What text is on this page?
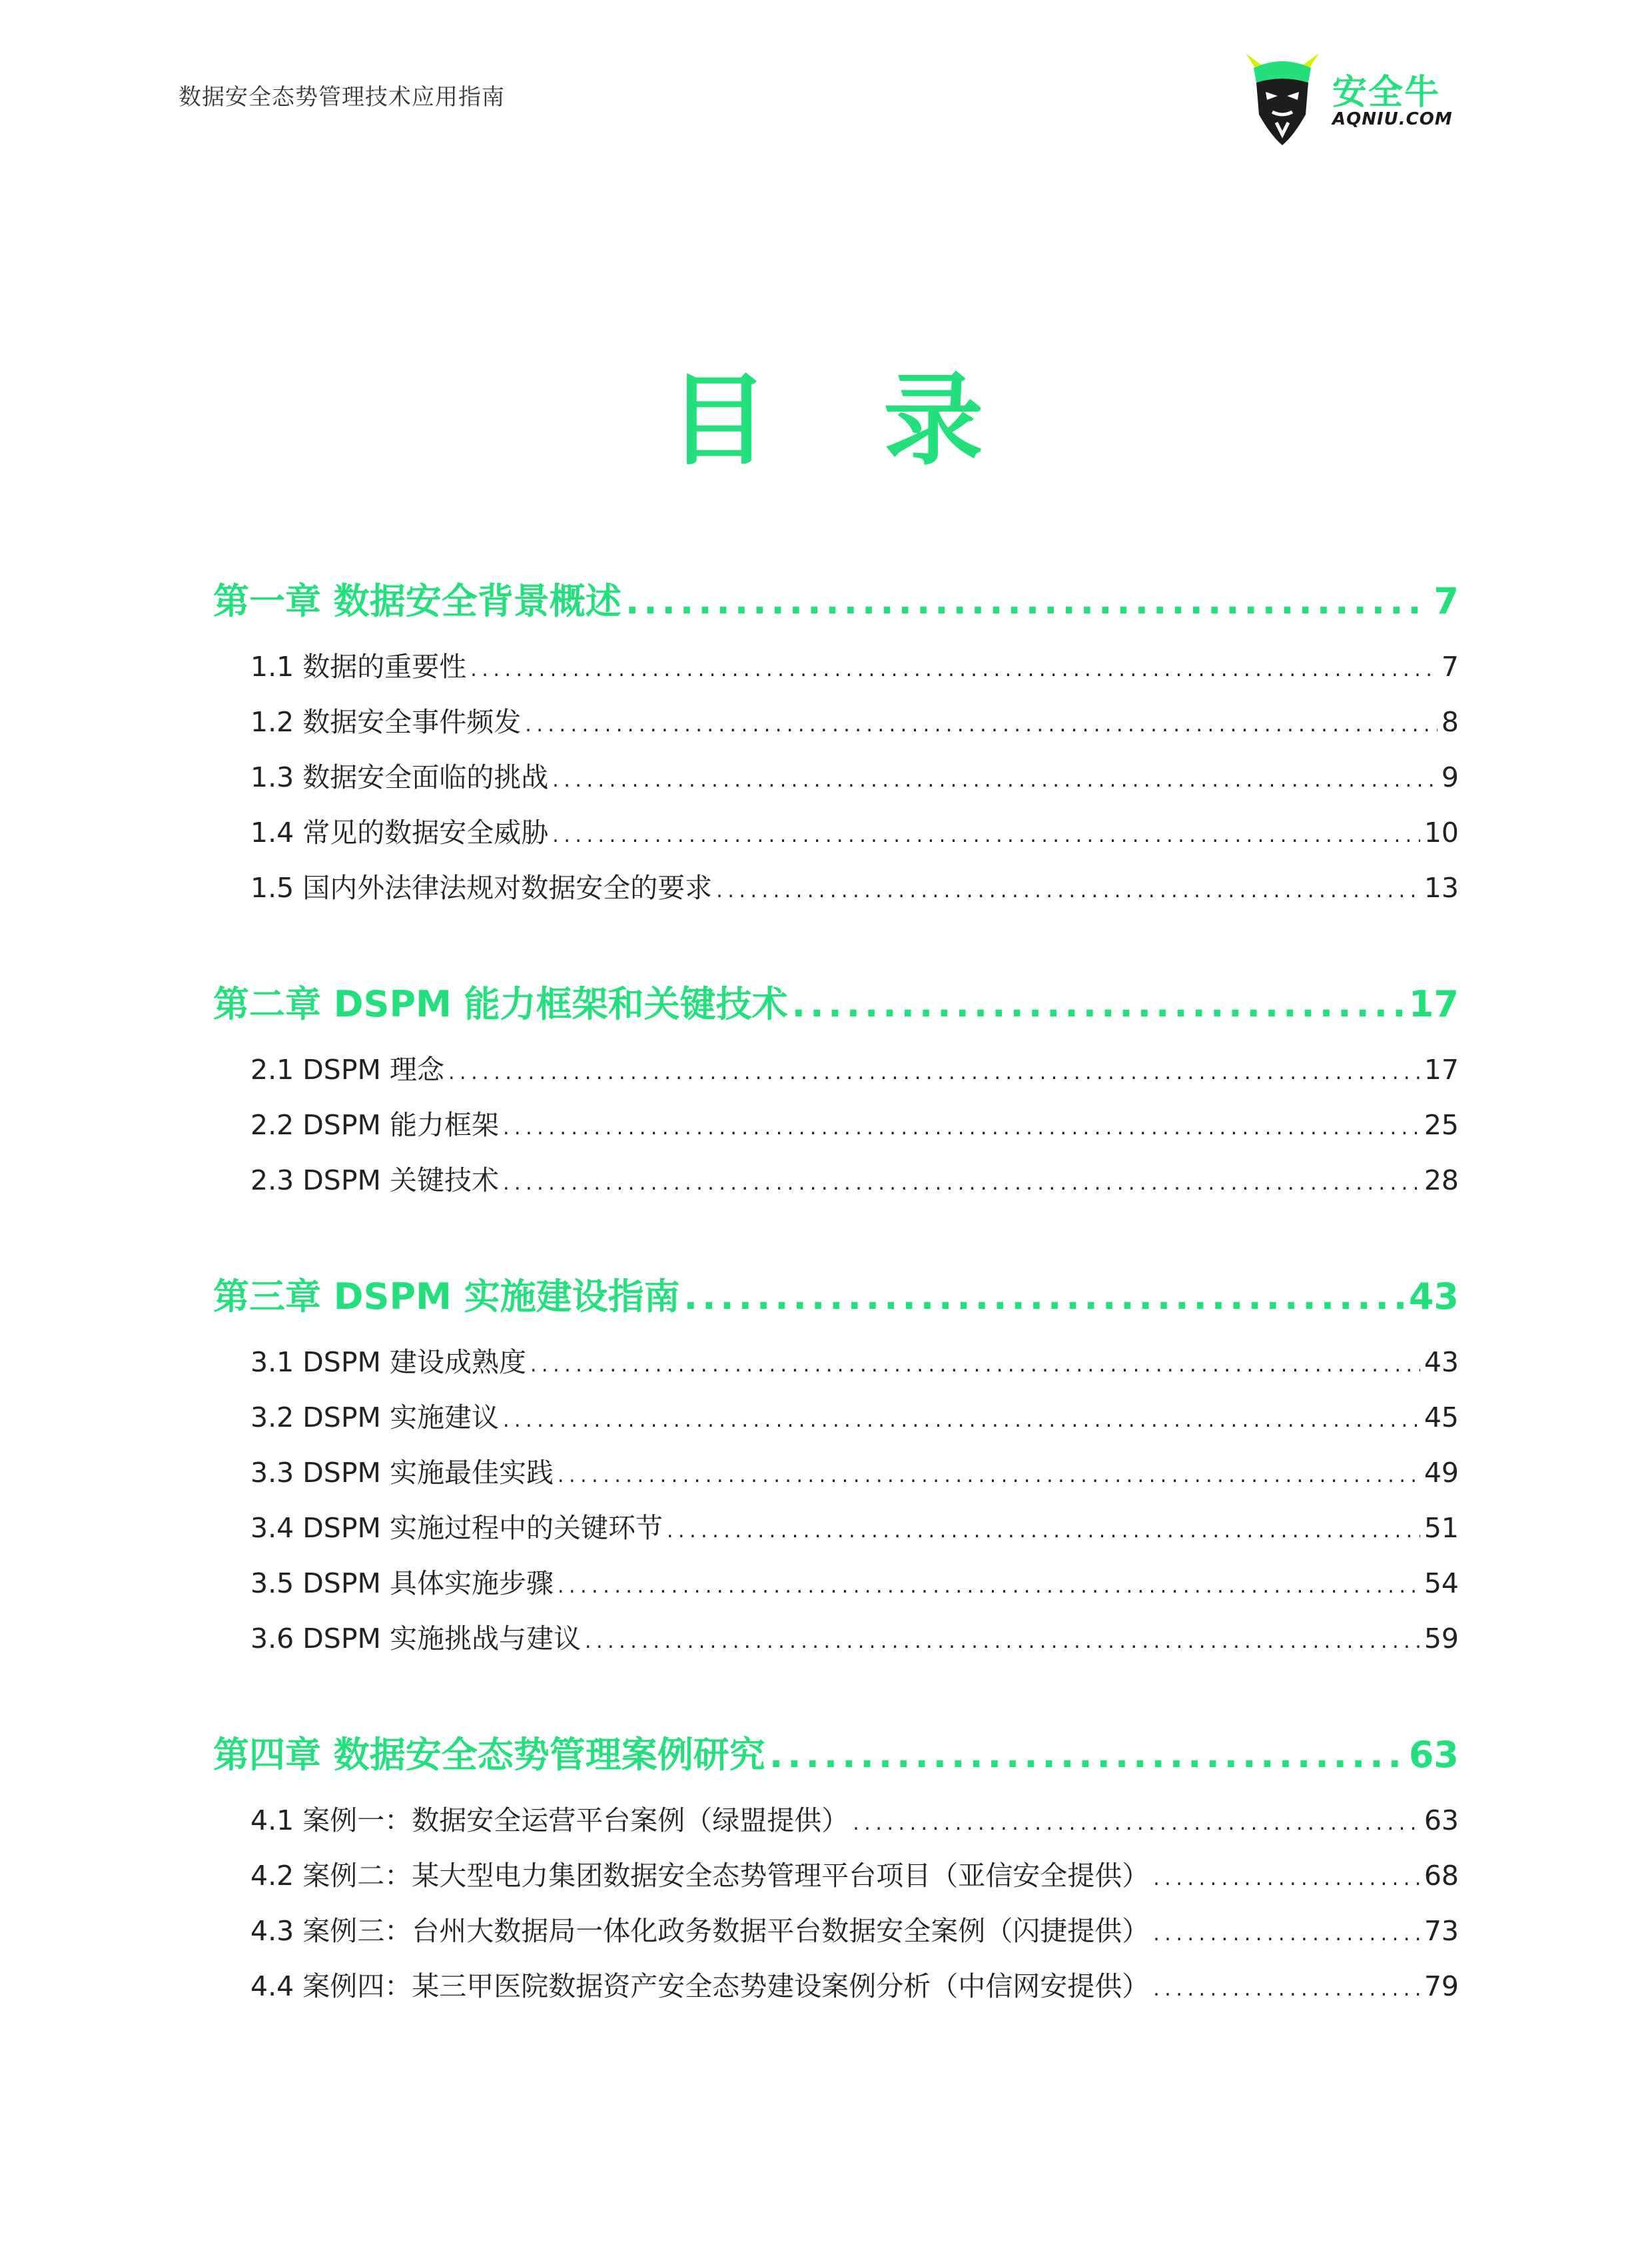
数据安全态势管理技术应用指南	安全牛
AQNIU.COM
目 录
第一章 数据安全背景概述 . . .	7
1.1 数据的重要性 . . .	7
1.2 数据安全事件频发 . . .	8
1.3 数据安全面临的挑战 . . .	9
1.4 常见的数据安全威胁 . . .	10
1.5 国内外法律法规对数据安全的要求 . . .	13
第二章 DSPM 能力框架和关键技术 . . .	17
2.1 DSPM 理念 . . .	17
2.2 DSPM 能力框架 . . .	25
2.3 DSPM 关键技术 . . .	28
第三章 DSPM 实施建设指南 . . .	43
3.1 DSPM 建设成熟度 . . .	43
3.2 DSPM 实施建议 . . .	45
3.3 DSPM 实施最佳实践 . . .	49
3.4 DSPM 实施过程中的关键环节 . . .	51
3.5 DSPM 具体实施步骤 . . .	54
3.6 DSPM 实施挑战与建议 . . .	59
第四章 数据安全态势管理案例研究 . . .	63
4.1 案例一：数据安全运营平台案例（绿盟提供） . . .	63
4.2 案例二：某大型电力集团数据安全态势管理平台项目（亚信安全提供） . . .	68
4.3 案例三：台州大数据局一体化政务数据平台数据安全案例（闪捷提供） . . .	73
4.4 案例四：某三甲医院数据资产安全态势建设案例分析（中信网安提供） . . .	79
